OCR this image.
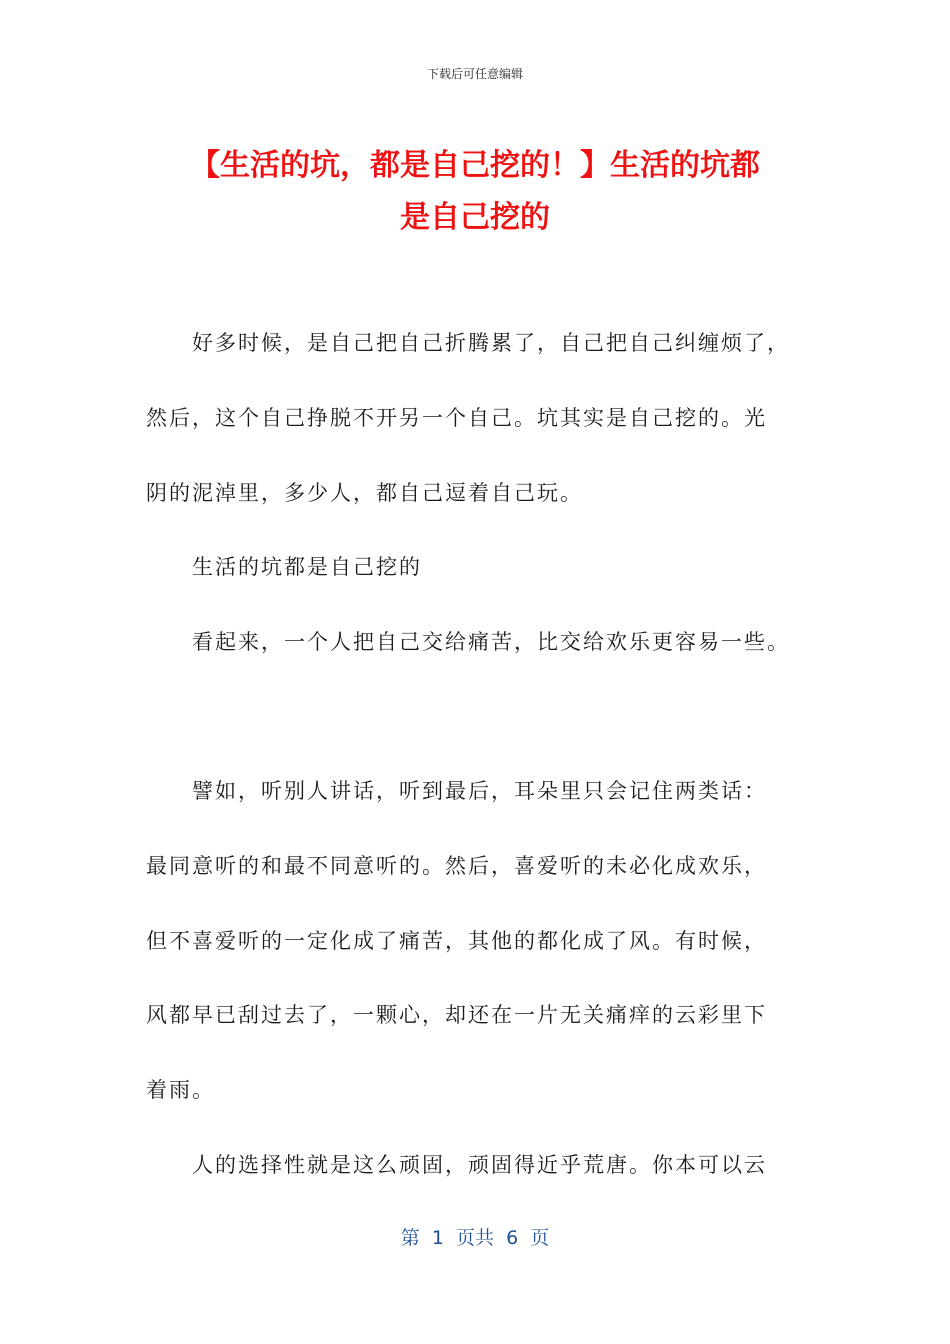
下载后可任意编辑
【生活的坑，都是自己挖的！】生活的坑都
是自己挖的
好多时候，是自己把自己折腾累了，自己把自己纠缠烦了，
然后，这个自己挣脱不开另一个自己。坑其实是自己挖的。光
阴的泥淖里，多少人，都自己逗着自己玩。
生活的坑都是自己挖的
看起来，一个人把自己交给痛苦，比交给欢乐更容易一些。
譬如，听别人讲话，听到最后，耳朵里只会记住两类话：
最同意听的和最不同意听的。然后，喜爱听的未必化成欢乐，
但不喜爱听的一定化成了痛苦，其他的都化成了风。有时候，
风都早已刮过去了，一颗心，却还在一片无关痛痒的云彩里下
着雨。
人的选择性就是这么顽固，顽固得近乎荒唐。你本可以云
第  1  页共  6  页
